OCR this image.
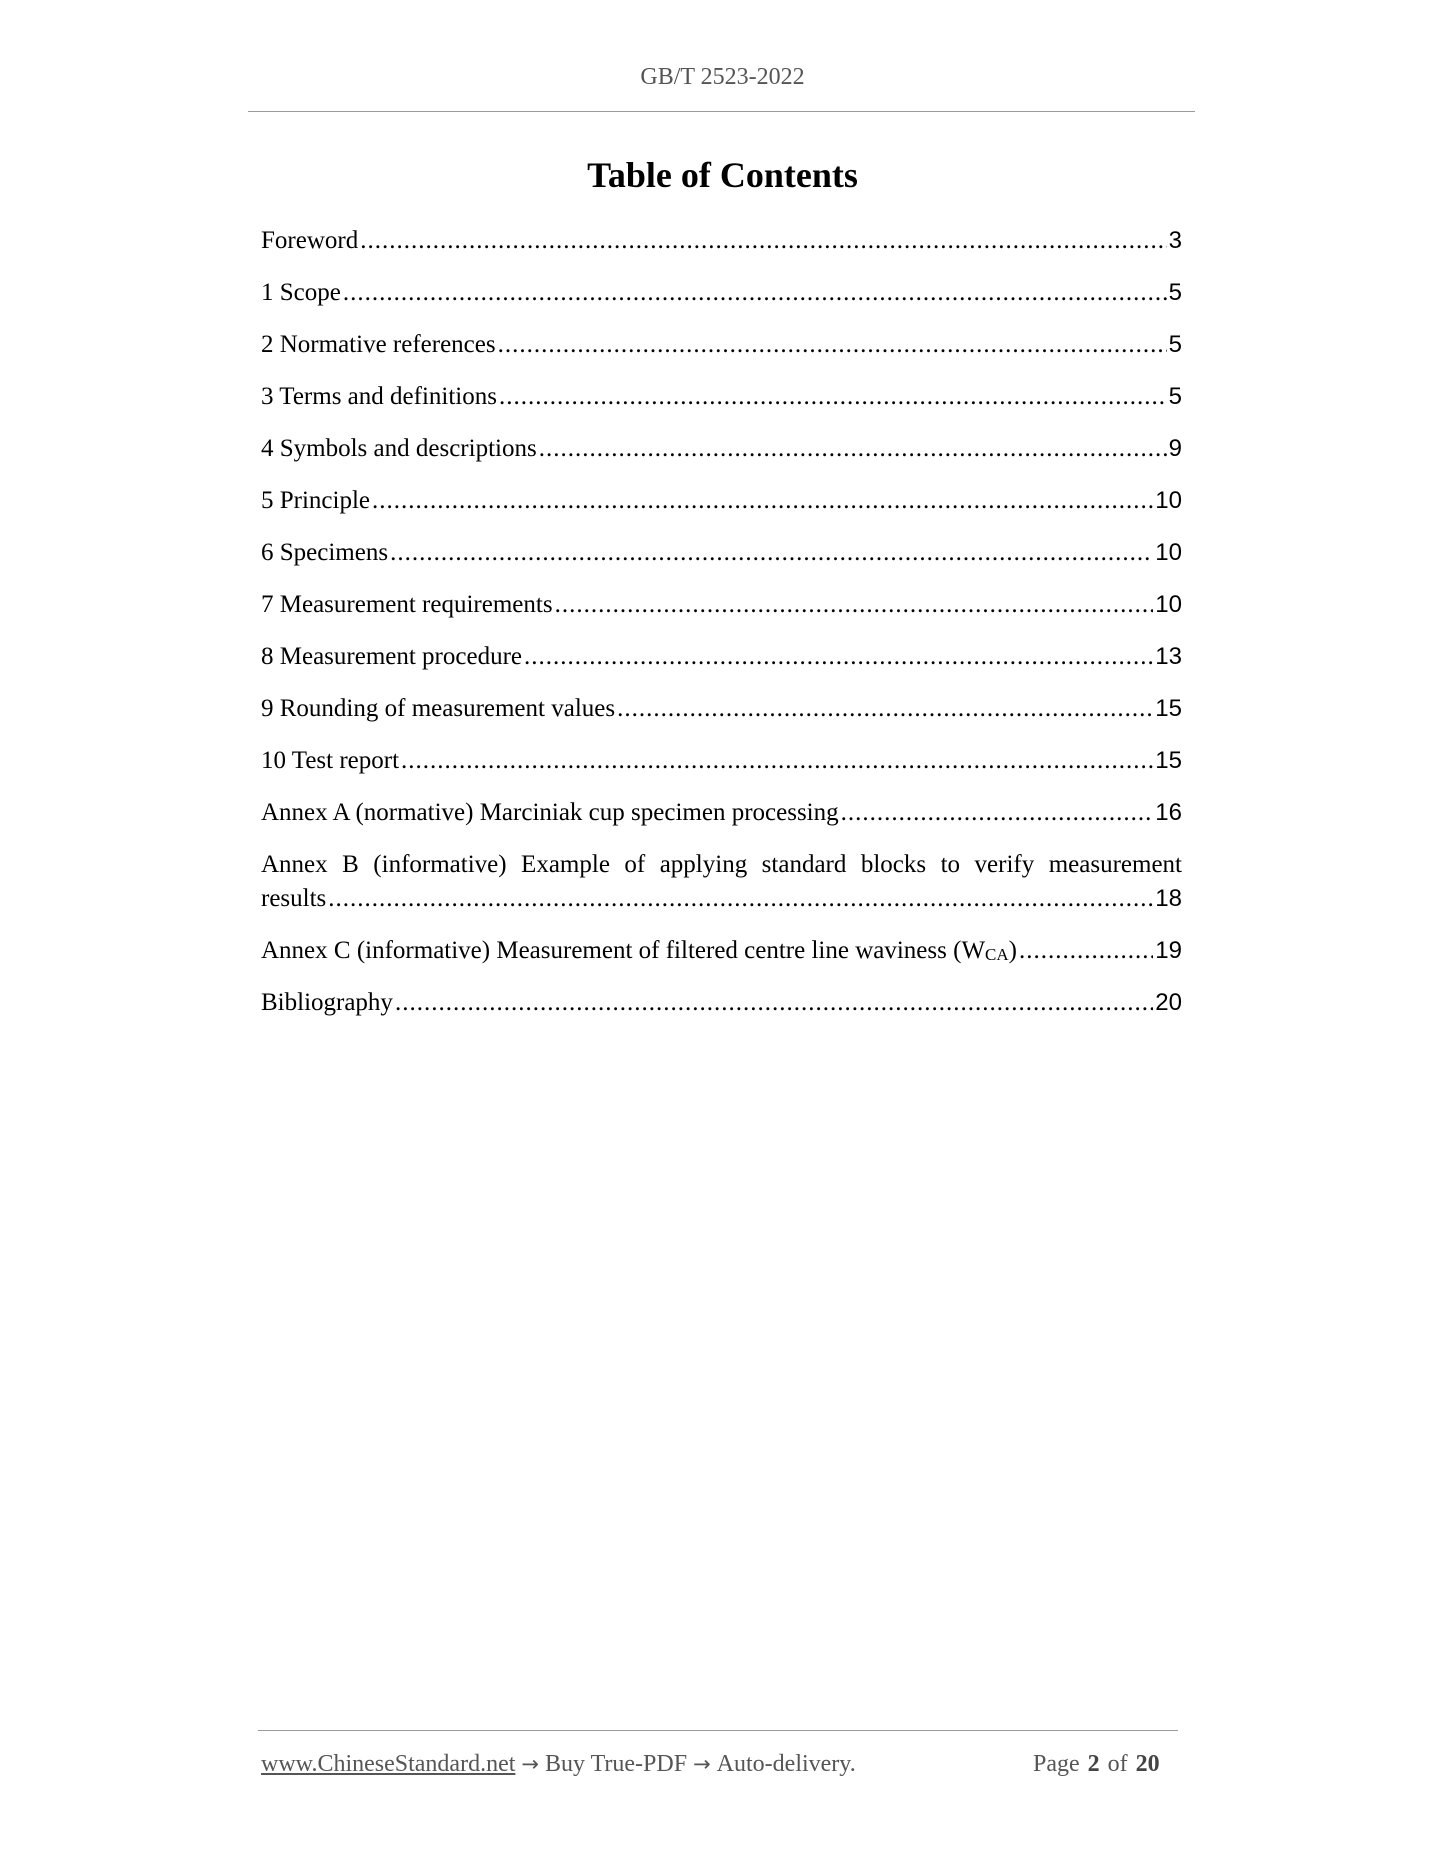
GB/T 2523-2022
Table of Contents
Foreword .....	3
1 Scope .....	5
2 Normative references .....	5
3 Terms and definitions .....	5
4 Symbols and descriptions .....	9
5 Principle .....	10
6 Specimens .....	10
7 Measurement requirements .....	10
8 Measurement procedure .....	13
9 Rounding of measurement values .....	15
10 Test report .....	15
Annex A (normative) Marciniak cup specimen processing .....	16
Annex B (informative) Example of applying standard blocks to verify measurement
results .....	18
Annex C (informative) Measurement of filtered centre line waviness (WCA) .....	19
Bibliography .....	20
www.ChineseStandard.net → Buy True-PDF → Auto-delivery.	Page 2 of 20
